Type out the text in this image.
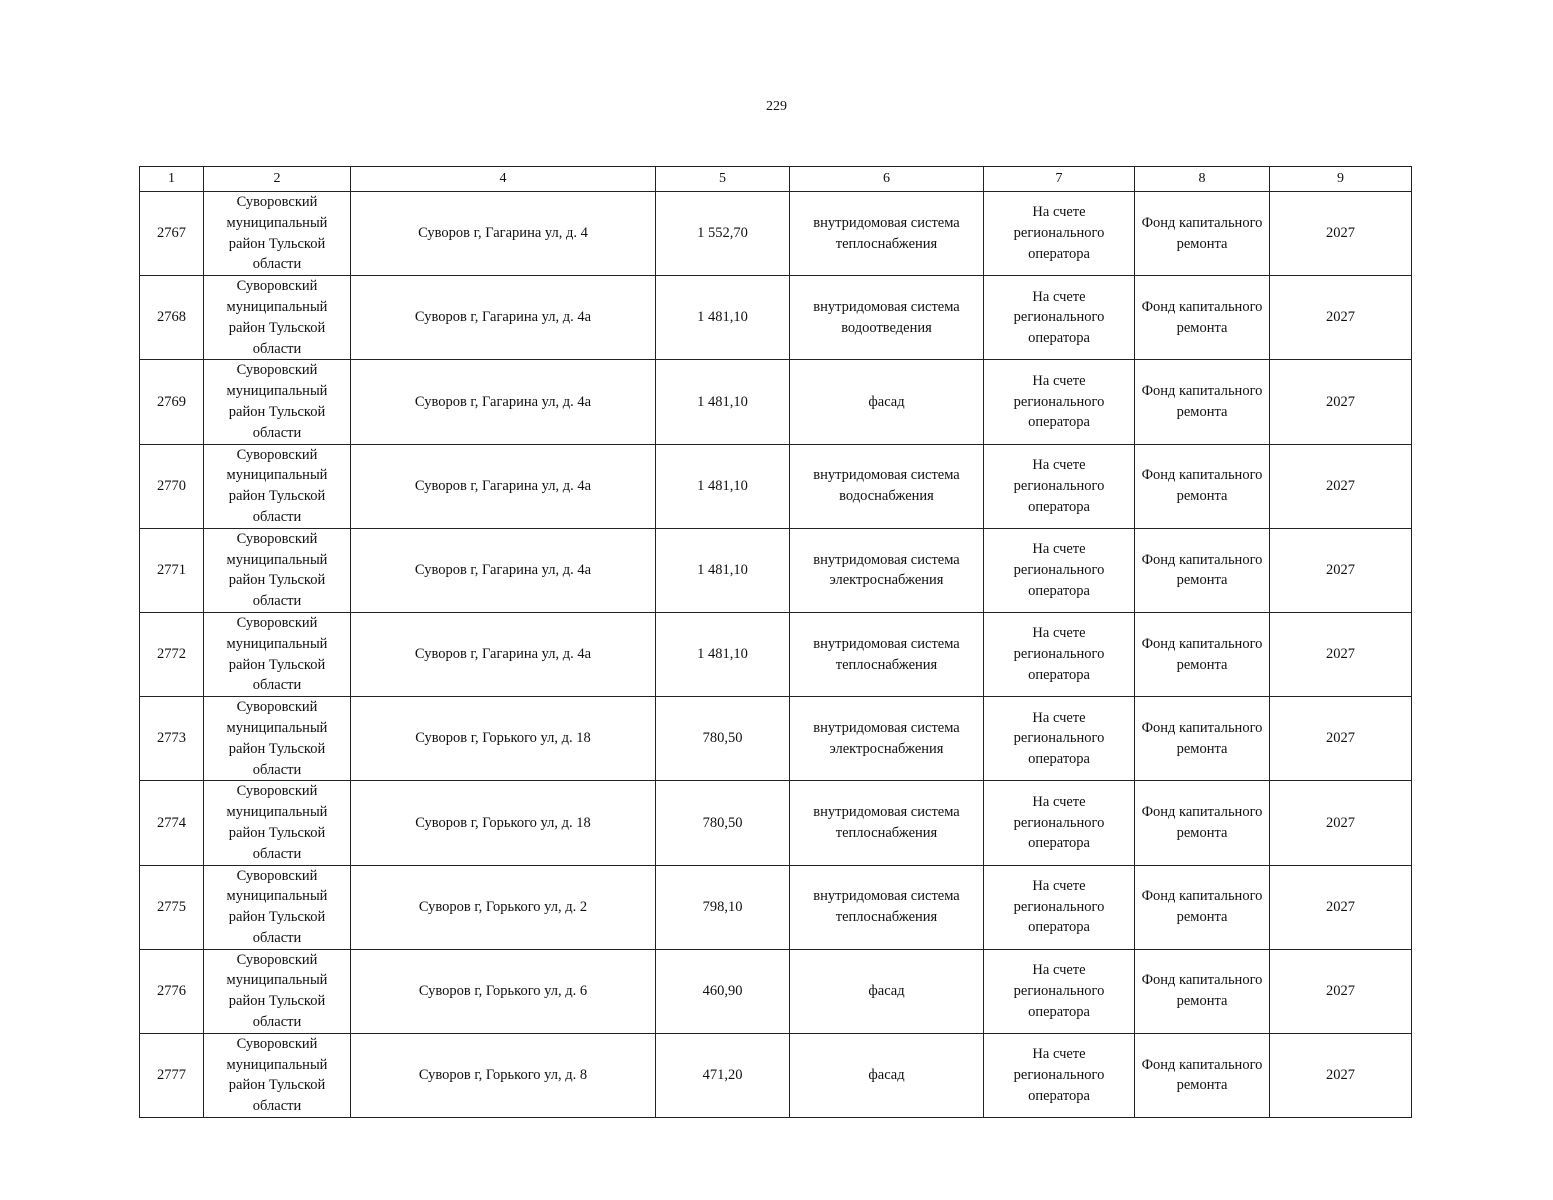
229
1	2	4	5	6	7	8	9
2767	Суворовский муниципальный район Тульской области	Суворов г, Гагарина ул, д. 4	1 552,70	внутридомовая система теплоснабжения	На счете регионального оператора	Фонд капитального ремонта	2027
2768	Суворовский муниципальный район Тульской области	Суворов г, Гагарина ул, д. 4а	1 481,10	внутридомовая система водоотведения	На счете регионального оператора	Фонд капитального ремонта	2027
2769	Суворовский муниципальный район Тульской области	Суворов г, Гагарина ул, д. 4а	1 481,10	фасад	На счете регионального оператора	Фонд капитального ремонта	2027
2770	Суворовский муниципальный район Тульской области	Суворов г, Гагарина ул, д. 4а	1 481,10	внутридомовая система водоснабжения	На счете регионального оператора	Фонд капитального ремонта	2027
2771	Суворовский муниципальный район Тульской области	Суворов г, Гагарина ул, д. 4а	1 481,10	внутридомовая система электроснабжения	На счете регионального оператора	Фонд капитального ремонта	2027
2772	Суворовский муниципальный район Тульской области	Суворов г, Гагарина ул, д. 4а	1 481,10	внутридомовая система теплоснабжения	На счете регионального оператора	Фонд капитального ремонта	2027
2773	Суворовский муниципальный район Тульской области	Суворов г, Горького ул, д. 18	780,50	внутридомовая система электроснабжения	На счете регионального оператора	Фонд капитального ремонта	2027
2774	Суворовский муниципальный район Тульской области	Суворов г, Горького ул, д. 18	780,50	внутридомовая система теплоснабжения	На счете регионального оператора	Фонд капитального ремонта	2027
2775	Суворовский муниципальный район Тульской области	Суворов г, Горького ул, д. 2	798,10	внутридомовая система теплоснабжения	На счете регионального оператора	Фонд капитального ремонта	2027
2776	Суворовский муниципальный район Тульской области	Суворов г, Горького ул, д. 6	460,90	фасад	На счете регионального оператора	Фонд капитального ремонта	2027
2777	Суворовский муниципальный район Тульской области	Суворов г, Горького ул, д. 8	471,20	фасад	На счете регионального оператора	Фонд капитального ремонта	2027
